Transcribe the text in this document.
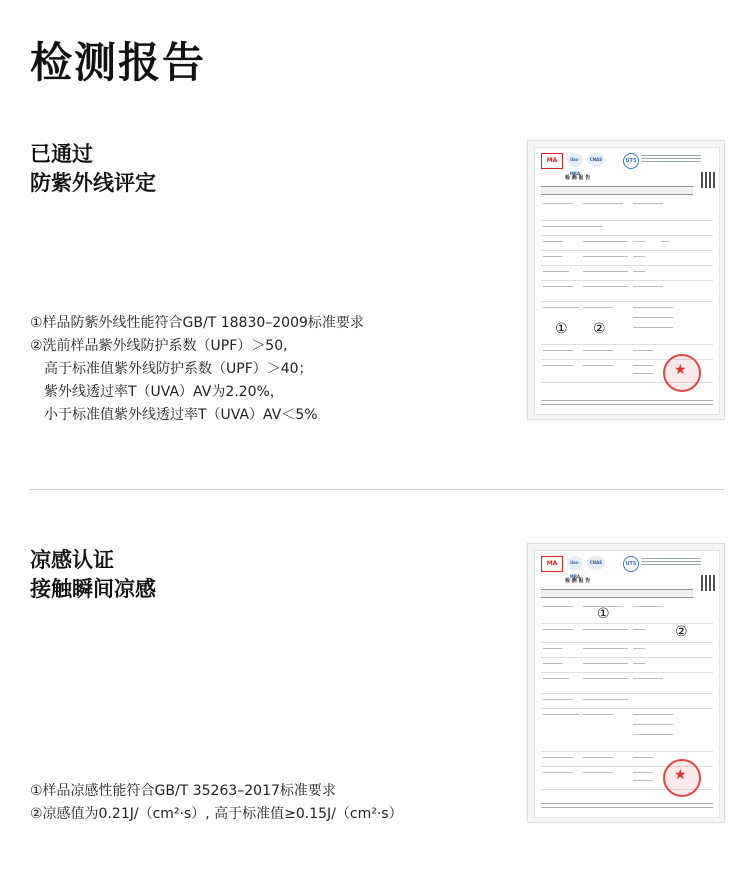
检测报告
已通过
防紫外线评定
①样品防紫外线性能符合GB/T 18830–2009标准要求
②洗前样品紫外线防护系数（UPF）＞50,
高于标准值紫外线防护系数（UPF）＞40；
紫外线透过率T（UVA）AV为2.20%，
小于标准值紫外线透过率T（UVA）AV＜5%
MA	ilac-MRA
CNAS	UTS
检 测 报 告
① ②
★
凉感认证
接触瞬间凉感
①样品凉感性能符合GB/T 35263–2017标准要求
②凉感值为0.21J/（cm²·s）, 高于标准值≥0.15J/（cm²·s）
MA	ilac-MRA
CNAS	UTS
检 测 报 告
①
②
★
